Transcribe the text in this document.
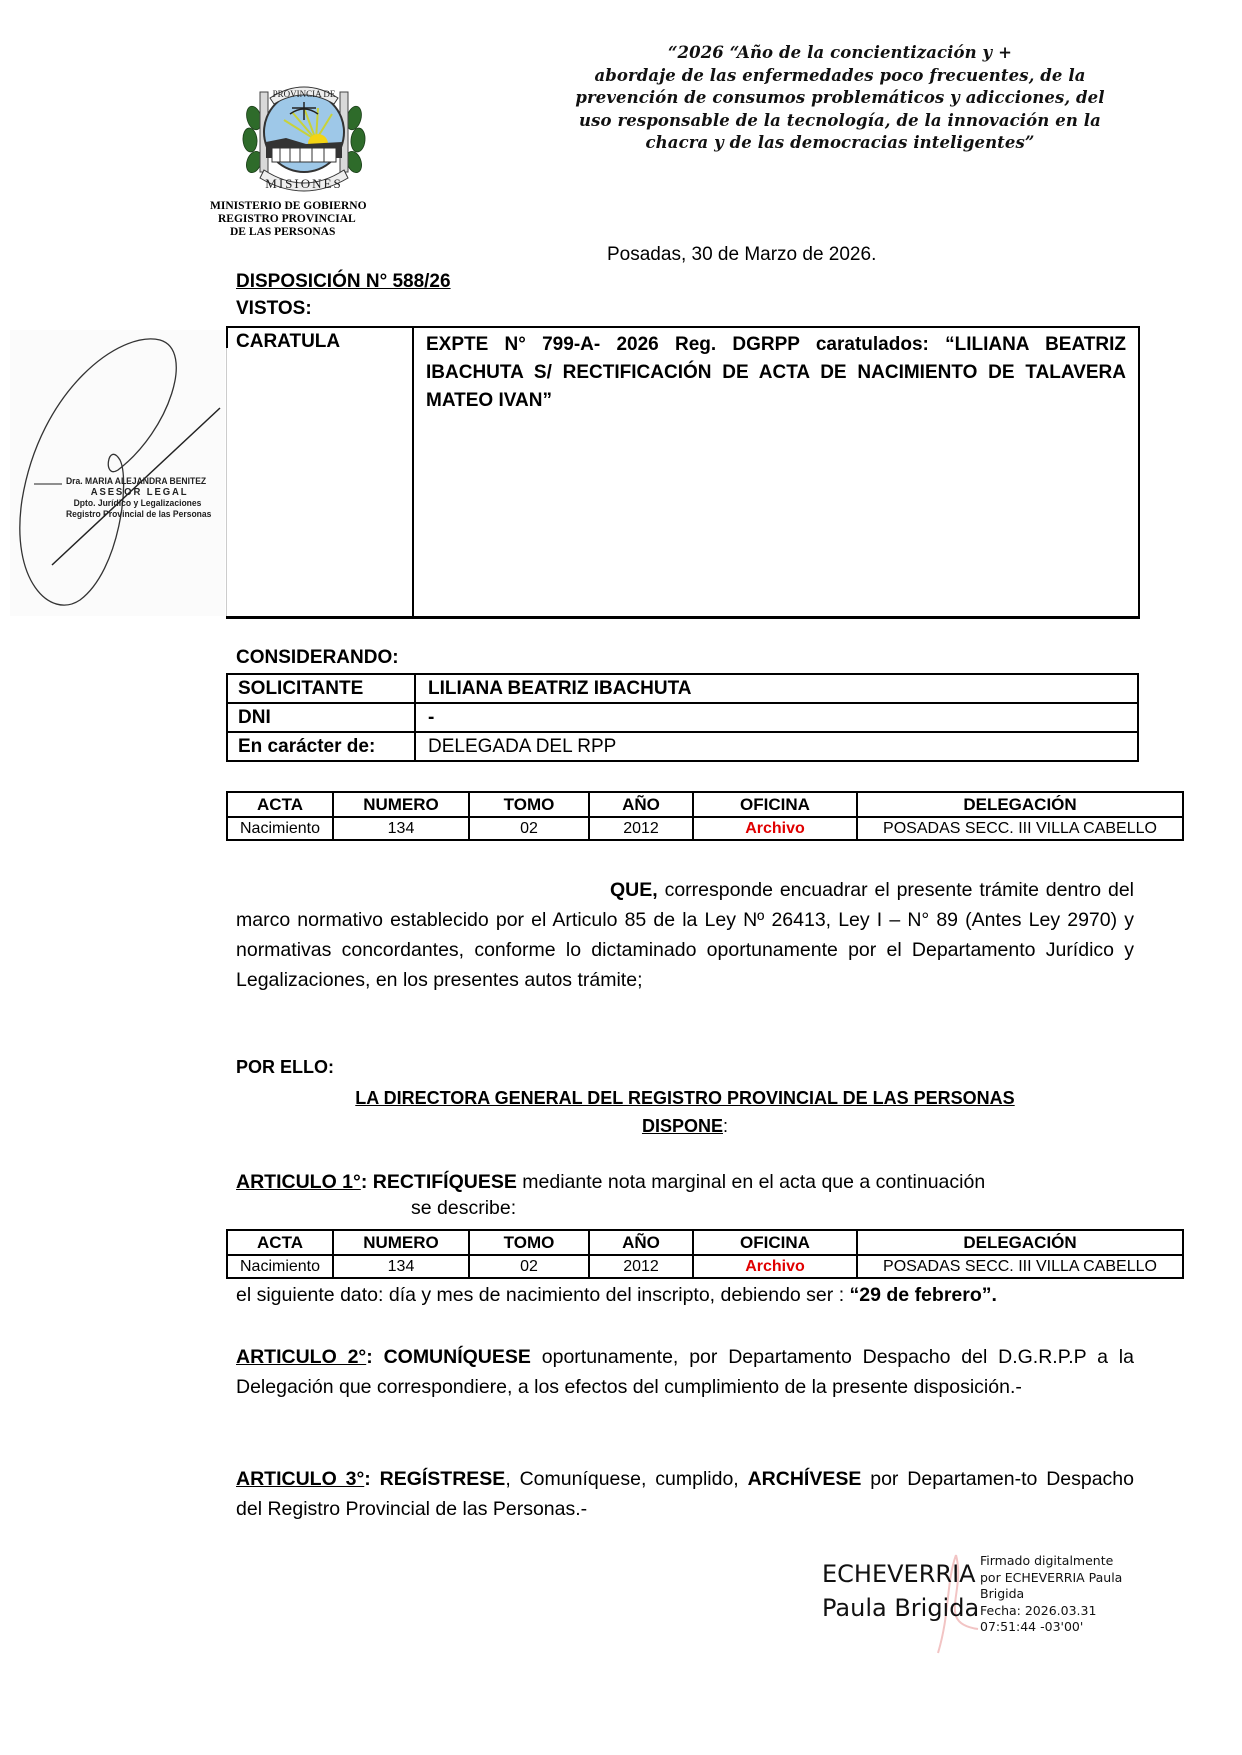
“2026 “Año de la concientización y +
abordaje de las enfermedades poco frecuentes, de la
prevención de consumos problemáticos y adicciones, del
uso responsable de la tecnología, de la innovación en la
chacra y de las democracias inteligentes”
PROVINCIA DE
MISIONES
MINISTERIO DE GOBIERNO
REGISTRO PROVINCIAL
DE LAS PERSONAS
Posadas, 30 de Marzo de 2026.
DISPOSICIÓN N° 588/26
VISTOS:
CARATULA	EXPTE N° 799-A- 2026 Reg. DGRPP caratulados: “LILIANA BEATRIZ IBACHUTA S/ RECTIFICACIÓN DE ACTA DE NACIMIENTO DE TALAVERA MATEO IVAN”
Dra. MARIA ALEJANDRA BENITEZ
ASESOR LEGAL
Dpto. Jurídico y Legalizaciones
Registro Provincial de las Personas
CONSIDERANDO:
SOLICITANTE	LILIANA BEATRIZ IBACHUTA
DNI	-
En carácter de:	DELEGADA DEL RPP
ACTA	NUMERO	TOMO	AÑO	OFICINA	DELEGACIÓN
Nacimiento	134	02	2012	Archivo	POSADAS SECC. III VILLA CABELLO
QUE, corresponde encuadrar el presente trámite dentro del marco normativo establecido por el Articulo 85 de la Ley Nº 26413, Ley I – N° 89 (Antes Ley 2970) y normativas concordantes, conforme lo dictaminado oportunamente por el Departamento Jurídico y Legalizaciones, en los presentes autos trámite;
POR ELLO:
LA DIRECTORA GENERAL DEL REGISTRO PROVINCIAL DE LAS PERSONAS
DISPONE:
ARTICULO 1°: RECTIFÍQUESE mediante nota marginal en el acta que a continuación
se describe:
ACTA	NUMERO	TOMO	AÑO	OFICINA	DELEGACIÓN
Nacimiento	134	02	2012	Archivo	POSADAS SECC. III VILLA CABELLO
el siguiente dato: día y mes de nacimiento del inscripto, debiendo ser : “29 de febrero”.
ARTICULO 2°: COMUNÍQUESE oportunamente, por Departamento Despacho del D.G.R.P.P a la Delegación que correspondiere, a los efectos del cumplimiento de la presente disposición.-
ARTICULO 3°: REGÍSTRESE, Comuníquese, cumplido, ARCHÍVESE por Departamen-to Despacho del Registro Provincial de las Personas.-
ECHEVERRIA
Paula Brigida
Firmado digitalmente
por ECHEVERRIA Paula
Brigida
Fecha: 2026.03.31
07:51:44 -03'00'
